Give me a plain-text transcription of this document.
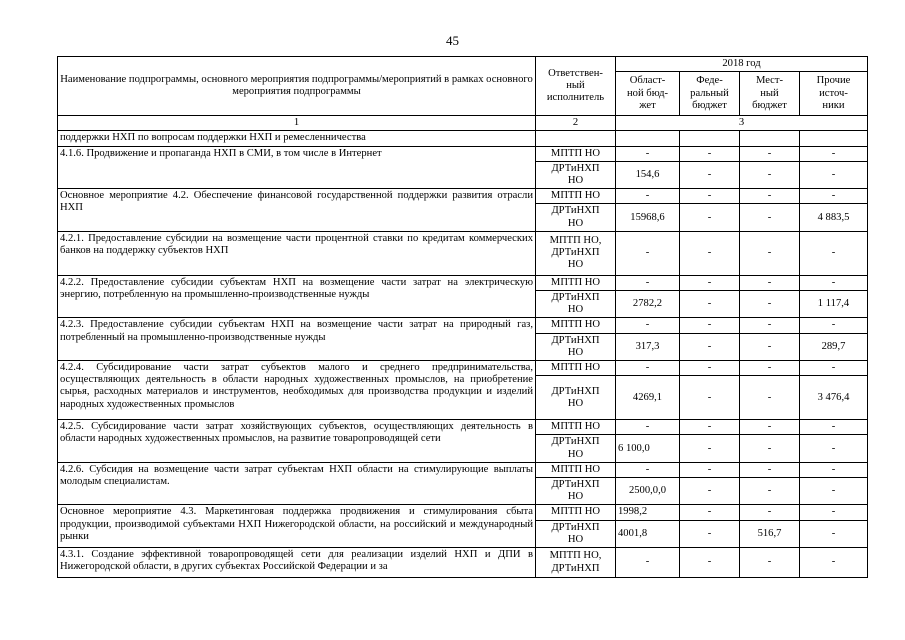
45
Наименование подпрограммы, основного мероприятия подпрограммы/мероприятий в рамках основного мероприятия подпрограммы	Ответствен-
ный
исполнитель	2018 год			
		Област-
ной бюд-
жет	Феде-
ральный
бюджет	Мест-
ный
бюджет	Прочие
источ-
ники
1	2	3			
поддержки НХП по вопросам поддержки НХП и ремесленничества					
4.1.6. Продвижение и пропаганда НХП в СМИ, в том числе в Интернет	МПТП НО	-	-	-	-
	ДРТиНХП
НО	154,6	-	-	-
Основное мероприятие 4.2. Обеспечение финансовой государственной поддержки развития отрасли НХП	МПТП НО	-	-	-	-
	ДРТиНХП
НО	15968,6	-	-	4 883,5
4.2.1. Предоставление субсидии на возмещение части процентной ставки по кредитам коммерческих банков на поддержку субъектов НХП	МПТП НО,
ДРТиНХП
НО	-	-	-	-
4.2.2. Предоставление субсидии субъектам НХП на возмещение части затрат на электрическую энергию, потребленную на промышленно-производственные нужды	МПТП НО	-	-	-	-
	ДРТиНХП
НО	2782,2	-	-	1 117,4
4.2.3. Предоставление субсидии субъектам НХП на возмещение части затрат на природный газ, потребленный на промышленно-производственные нужды	МПТП НО	-	-	-	-
	ДРТиНХП
НО	317,3	-	-	289,7
4.2.4. Субсидирование части затрат субъектов малого и среднего предпринимательства, осуществляющих деятельность в области народных художественных промыслов, на приобретение сырья, расходных материалов и инструментов, необходимых для производства продукции и изделий народных художественных промыслов	МПТП НО	-	-	-	-
	ДРТиНХП
НО	4269,1	-	-	3 476,4
4.2.5. Субсидирование части затрат хозяйствующих субъектов, осуществляющих деятельность в области народных художественных промыслов, на развитие товаропроводящей сети	МПТП НО	-	-	-	-
	ДРТиНХП
НО	6 100,0	-	-	-
4.2.6. Субсидия на возмещение части затрат субъектам НХП области на стимулирующие выплаты молодым специалистам.	МПТП НО	-	-	-	-
	ДРТиНХП
НО	2500,0,0	-	-	-
Основное мероприятие 4.3. Маркетинговая поддержка продвижения и стимулирования сбыта продукции, производимой субъектами НХП Нижегородской области, на российский и международный рынки	МПТП НО	1998,2	-	-	-
	ДРТиНХП
НО	4001,8	-	516,7	-
4.3.1. Создание эффективной товаропроводящей сети для реализации изделий НХП и ДПИ в Нижегородской области, в других субъектах Российской Федерации и за	МПТП НО,
ДРТиНХП	-	-	-	-
